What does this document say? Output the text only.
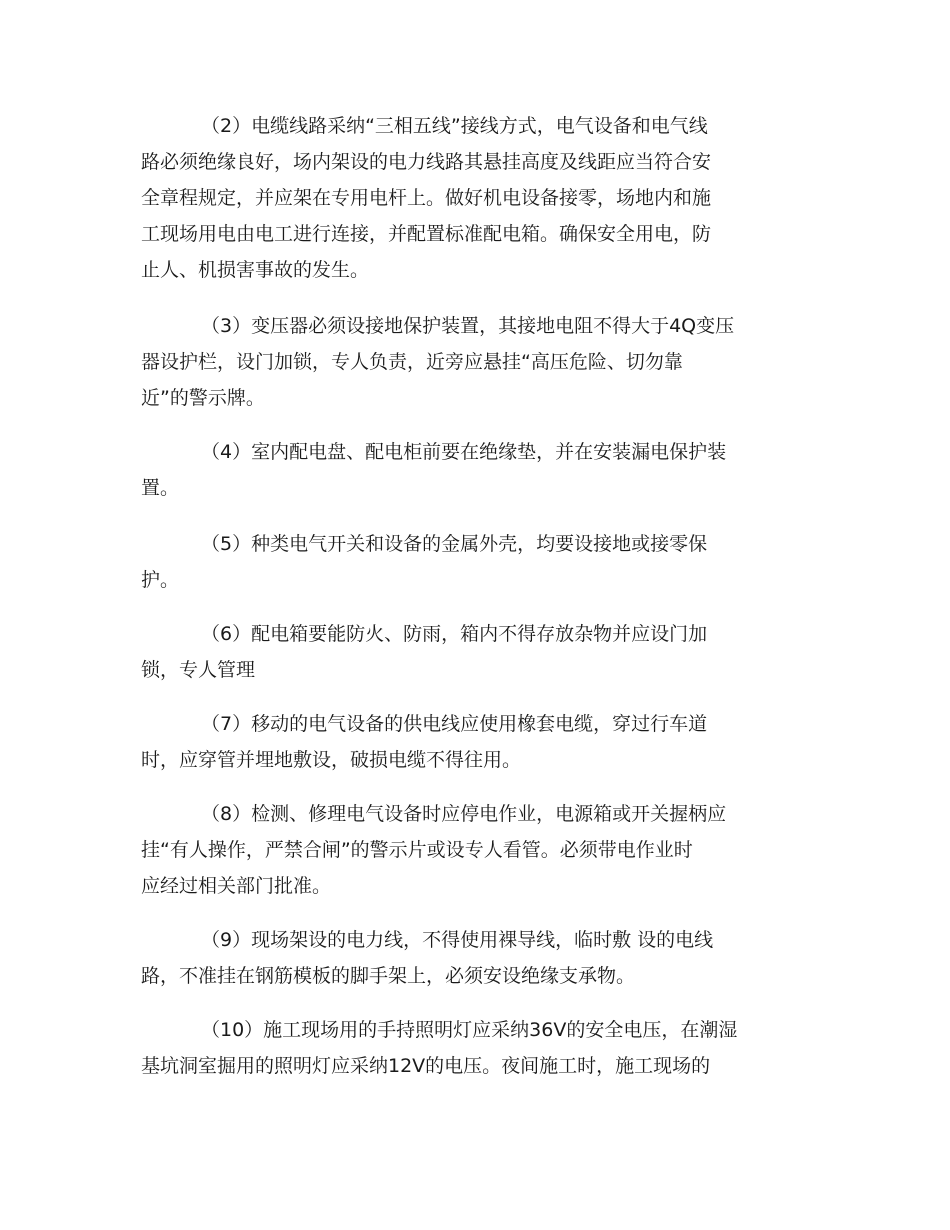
（2）电缆线路采纳“三相五线”接线方式，电气设备和电气线
路必须绝缘良好，场内架设的电力线路其悬挂高度及线距应当符合安
全章程规定，并应架在专用电杆上。做好机电设备接零，场地内和施
工现场用电由电工进行连接，并配置标准配电箱。确保安全用电，防
止人、机损害事故的发生。
（3）变压器必须设接地保护装置，其接地电阻不得大于4Q变压
器设护栏，设门加锁，专人负责，近旁应悬挂“高压危险、切勿靠
近”的警示牌。
（4）室内配电盘、配电柜前要在绝缘垫，并在安装漏电保护装
置。
（5）种类电气开关和设备的金属外壳，均要设接地或接零保
护。
（6）配电箱要能防火、防雨，箱内不得存放杂物并应设门加
锁，专人管理
（7）移动的电气设备的供电线应使用橡套电缆，穿过行车道
时，应穿管并埋地敷设，破损电缆不得往用。
（8）检测、修理电气设备时应停电作业，电源箱或开关握柄应
挂“有人操作，严禁合闸”的警示片或设专人看管。必须带电作业时
应经过相关部门批准。
（9）现场架设的电力线，不得使用裸导线，临时敷 设的电线
路，不准挂在钢筋模板的脚手架上，必须安设绝缘支承物。
（10）施工现场用的手持照明灯应采纳36V的安全电压，在潮湿
基坑洞室掘用的照明灯应采纳12V的电压。夜间施工时，施工现场的
